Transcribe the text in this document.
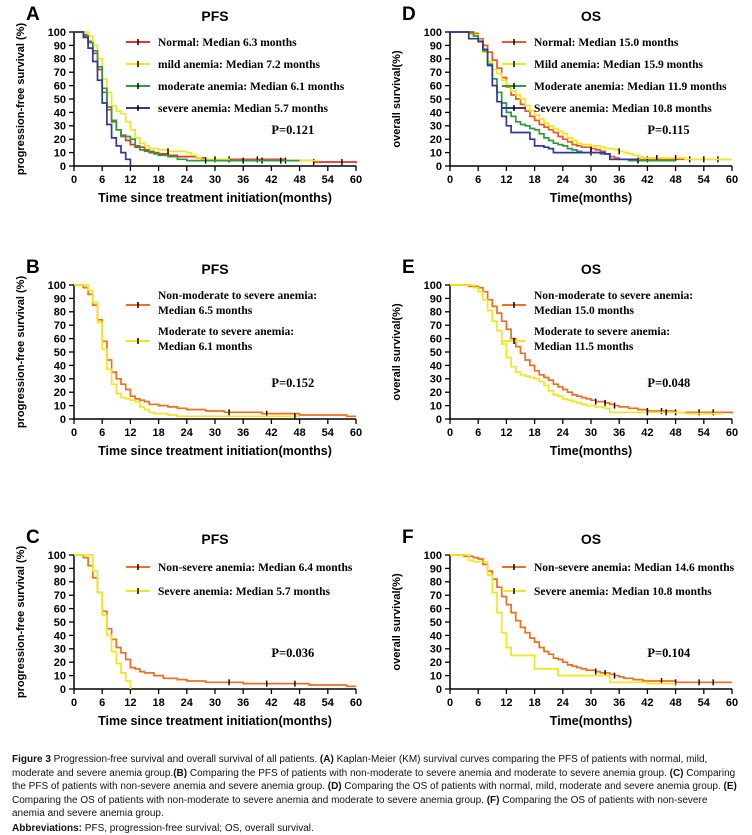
A	PFS
0
10
20
30
40
50
60
70
80
90
100
0 6 12 18 24 30 36 42 48 54 60
Time since treatment initiation(months)
progression-free survival (%)	Normal: Median 6.3 months
mild anemia: Median 7.2 months
moderate anemia: Median 6.1 months
severe anemia: Median 5.7 months
P=0.121
D	OS
0
10
20
30
40
50
60
70
80
90
100
0 6 12 18 24 30 36 42 48 54 60
Time(months)
overall survival(%)
Normal: Median 15.0 months
Mild anemia: Median 15.9 months
Moderate anemia: Median 11.9 months
Severe anemia: Median 10.8 months
P=0.115
B	PFS
0
10
20
30
40
50
60
70
80
90
100
0 6 12 18 24 30 36 42 48 54 60
Time since treatment initiation(months)
progression-free survival (%)	Non-moderate to severe anemia:
Median 6.5 months
Moderate to severe anemia:
Median 6.1 months
P=0.152
E	OS
0
10
20
30
40
50
60
70
80
90
100
0 6 12 18 24 30 36 42 48 54 60
Time(months)
overall survival(%)
Non-moderate to severe anemia:
Median 15.0 months
Moderate to severe anemia:
Median 11.5 months
P=0.048
C	PFS
0
10
20
30
40
50
60
70
80
90
100
0 6 12 18 24 30 36 42 48 54 60
Time since treatment initiation(months)
progression-free survival (%)	Non-severe anemia: Median 6.4 months
Severe anemia: Median 5.7 months
P=0.036
F	OS
0
10
20
30
40
50
60
70
80
90
100
0 6 12 18 24 30 36 42 48 54 60
Time(months)
overall survival(%)
Non-severe anemia: Median 14.6 months
Severe anemia: Median 10.8 months
P=0.104

Figure 3 Progression-free survival and overall survival of all patients. (A) Kaplan-Meier (KM) survival curves comparing the PFS of patients with normal, mild, moderate and severe anemia group.(B) Comparing the PFS of patients with non-moderate to severe anemia and moderate to severe anemia group. (C) Comparing the PFS of patients with non-severe anemia and severe anemia group. (D) Comparing the OS of patients with normal, mild, moderate and severe anemia group. (E) Comparing the OS of patients with non-moderate to severe anemia and moderate to severe anemia group. (F) Comparing the OS of patients with non-severe anemia and severe anemia group.

Abbreviations: PFS, progression-free survival; OS, overall survival.
